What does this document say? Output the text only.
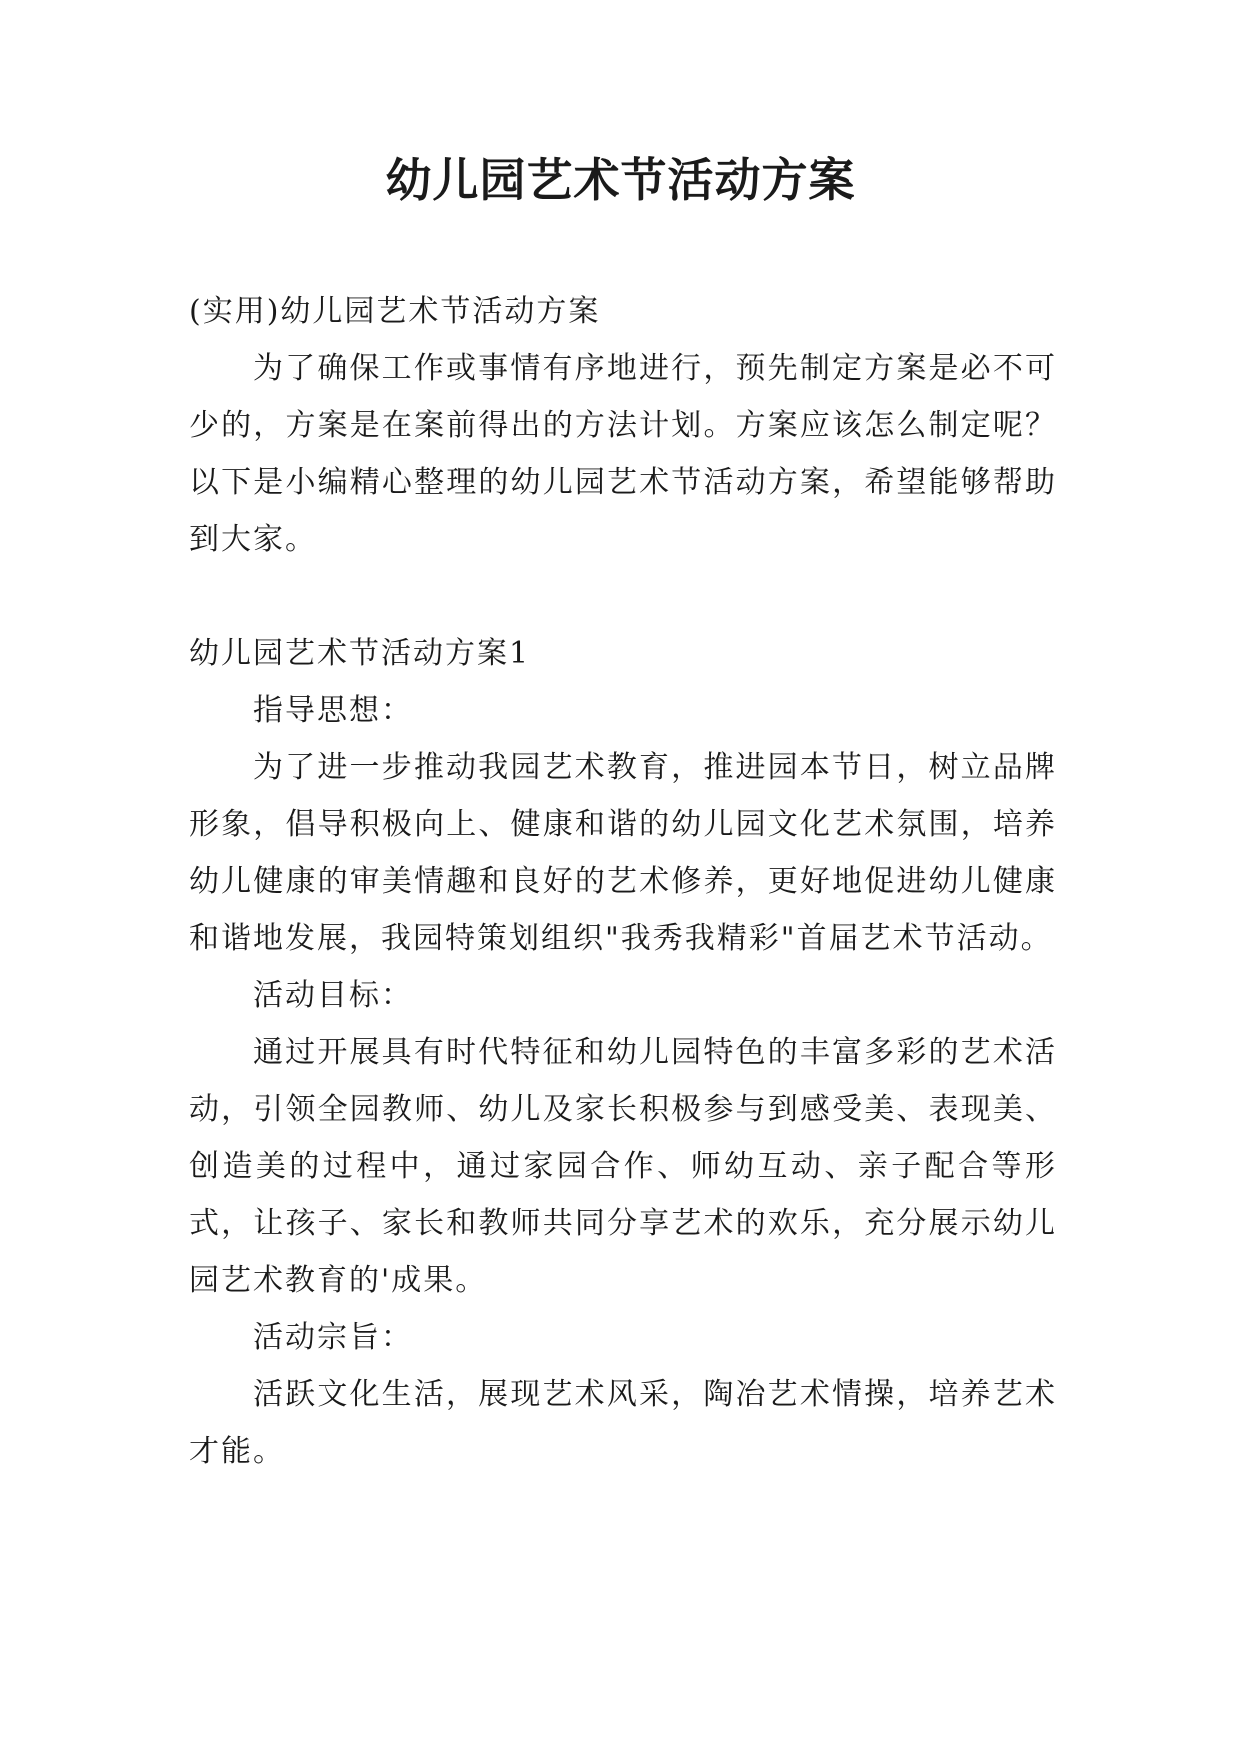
幼儿园艺术节活动方案

(实用)幼儿园艺术节活动方案

为了确保工作或事情有序地进行，预先制定方案是必不可少的，方案是在案前得出的方法计划。方案应该怎么制定呢？以下是小编精心整理的幼儿园艺术节活动方案，希望能够帮助到大家。

幼儿园艺术节活动方案1

指导思想：

为了进一步推动我园艺术教育，推进园本节日，树立品牌形象，倡导积极向上、健康和谐的幼儿园文化艺术氛围，培养幼儿健康的审美情趣和良好的艺术修养，更好地促进幼儿健康和谐地发展，我园特策划组织"我秀我精彩"首届艺术节活动。

活动目标：

通过开展具有时代特征和幼儿园特色的丰富多彩的艺术活动，引领全园教师、幼儿及家长积极参与到感受美、表现美、创造美的过程中，通过家园合作、师幼互动、亲子配合等形式，让孩子、家长和教师共同分享艺术的欢乐，充分展示幼儿园艺术教育的'成果。

活动宗旨：

活跃文化生活，展现艺术风采，陶冶艺术情操，培养艺术才能。
